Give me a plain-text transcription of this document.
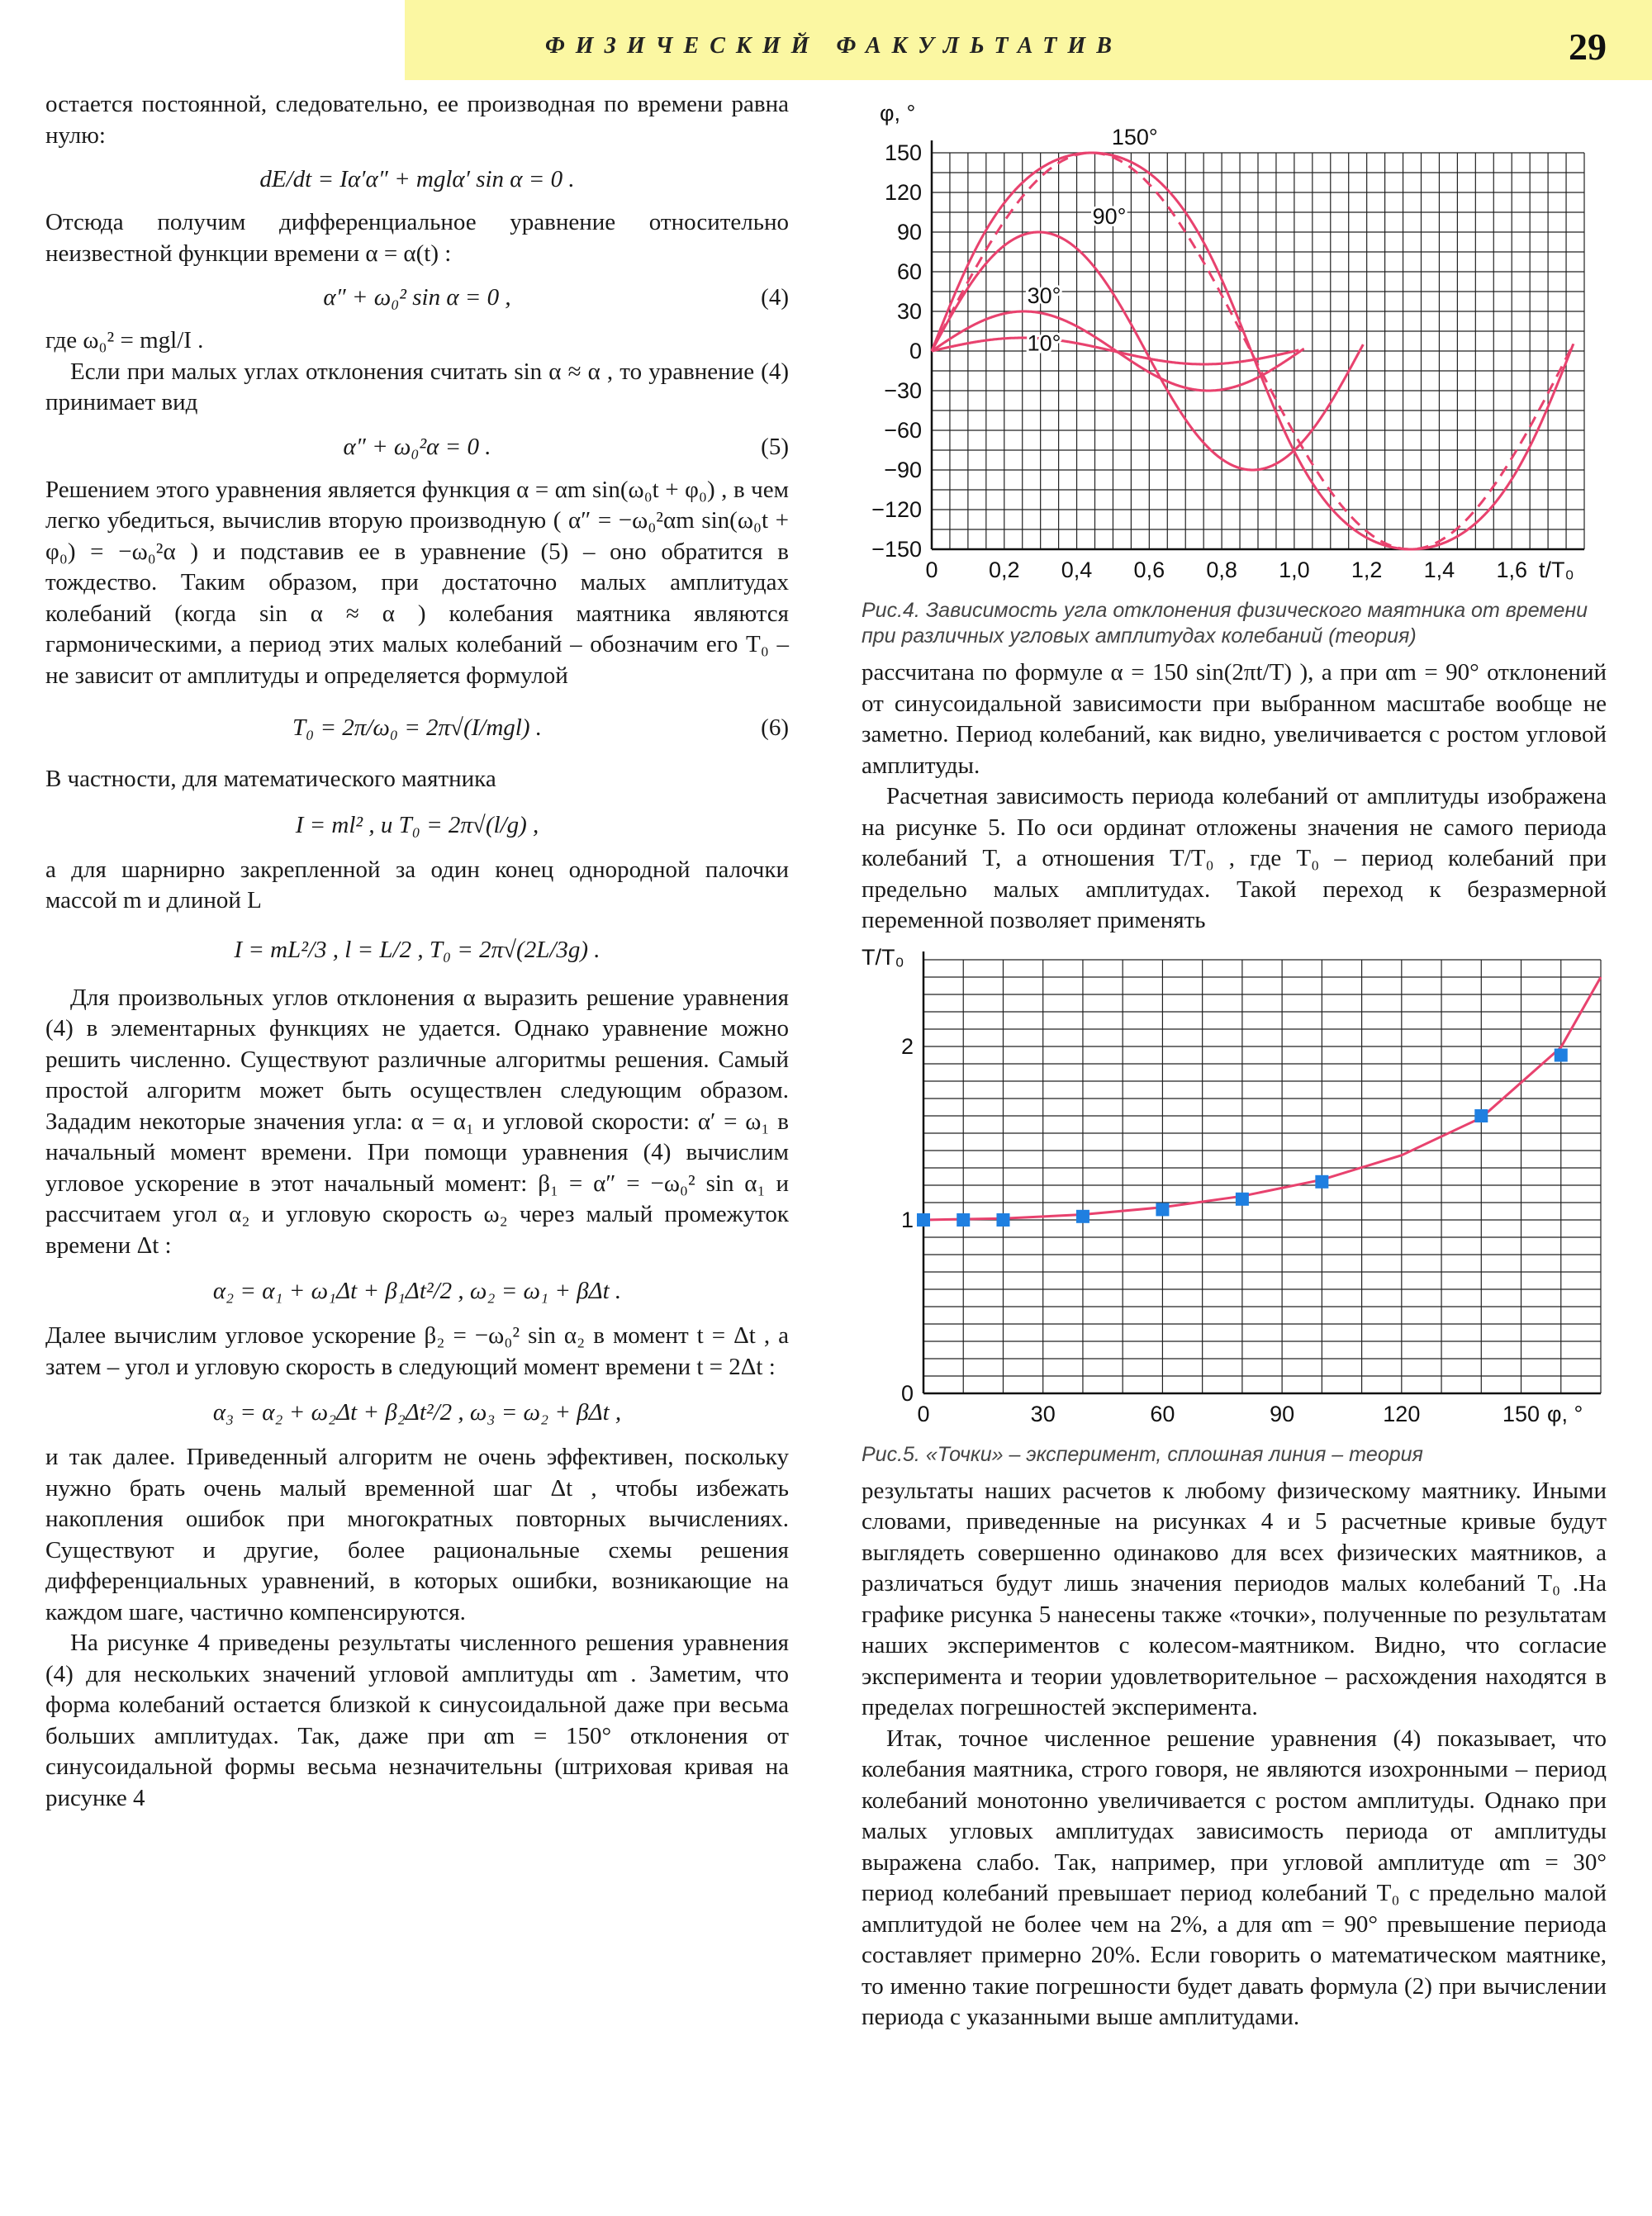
ФИЗИЧЕСКИЙ ФАКУЛЬТАТИВ	29

остается постоянной, следовательно, ее производная по времени равна нулю:

dE/dt = Iα′α″ + mglα′ sin α = 0 .

Отсюда получим дифференциальное уравнение относительно неизвестной функции времени α = α(t) :

α″ + ω₀² sin α = 0 ,	(4)

где ω₀² = mgl/I .

Если при малых углах отклонения считать sin α ≈ α , то уравнение (4) принимает вид

α″ + ω₀²α = 0 .	(5)

Решением этого уравнения является функция α = αm sin(ω₀t + φ₀) , в чем легко убедиться, вычислив вторую производную ( α″ = −ω₀²αm sin(ω₀t + φ₀) = −ω₀²α ) и подставив ее в уравнение (5) – оно обратится в тождество. Таким образом, при достаточно малых амплитудах колебаний (когда sin α ≈ α ) колебания маятника являются гармоническими, а период этих малых колебаний – обозначим его T₀ – не зависит от амплитуды и определяется формулой

T₀ = 2π/ω₀ = 2π√(I/mgl) .	(6)

В частности, для математического маятника

I = ml² , и T₀ = 2π√(l/g) ,

а для шарнирно закрепленной за один конец однородной палочки массой m и длиной L

I = mL²/3 , l = L/2 , T₀ = 2π√(2L/3g) .

Для произвольных углов отклонения α выразить решение уравнения (4) в элементарных функциях не удается. Однако уравнение можно решить численно. Существуют различные алгоритмы решения. Самый простой алгоритм может быть осуществлен следующим образом. Зададим некоторые значения угла: α = α₁ и угловой скорости: α′ = ω₁ в начальный момент времени. При помощи уравнения (4) вычислим угловое ускорение в этот начальный момент: β₁ = α″ = −ω₀² sin α₁ и рассчитаем угол α₂ и угловую скорость ω₂ через малый промежуток времени Δt :

α₂ = α₁ + ω₁Δt + β₁Δt²/2 , ω₂ = ω₁ + βΔt .

Далее вычислим угловое ускорение β₂ = −ω₀² sin α₂ в момент t = Δt , а затем – угол и угловую скорость в следующий момент времени t = 2Δt :

α₃ = α₂ + ω₂Δt + β₂Δt²/2 , ω₃ = ω₂ + βΔt ,

и так далее. Приведенный алгоритм не очень эффективен, поскольку нужно брать очень малый временной шаг Δt , чтобы избежать накопления ошибок при многократных повторных вычислениях. Существуют и другие, более рациональные схемы решения дифференциальных уравнений, в которых ошибки, возникающие на каждом шаге, частично компенсируются.

На рисунке 4 приведены результаты численного решения уравнения (4) для нескольких значений угловой амплитуды αm . Заметим, что форма колебаний остается близкой к синусоидальной даже при весьма больших амплитудах. Так, даже при αm = 150° отклонения от синусоидальной формы весьма незначительны (штриховая кривая на рисунке 4

150
120
90
60
30
0
−30
−60
−90
−120
−150
0 0,2 0,4 0,6 0,8 1,0 1,2 1,4 1,6
φ, °
t/T₀
10°
30°
90°
150°
Рис.4. Зависимость угла отклонения физического маятника от времени при различных угловых амплитудах колебаний (теория)

рассчитана по формуле α = 150 sin(2πt/T) ), а при αm = 90° отклонений от синусоидальной зависимости при выбранном масштабе вообще не заметно. Период колебаний, как видно, увеличивается с ростом угловой амплитуды.

Расчетная зависимость периода колебаний от амплитуды изображена на рисунке 5. По оси ординат отложены значения не самого периода колебаний T, а отношения T/T₀ , где T₀ – период колебаний при предельно малых амплитудах. Такой переход к безразмерной переменной позволяет применять

0
1
2
0	30	60	90	120	150
T/T₀
φ, °
Рис.5. «Точки» – эксперимент, сплошная линия – теория

результаты наших расчетов к любому физическому маятнику. Иными словами, приведенные на рисунках 4 и 5 расчетные кривые будут выглядеть совершенно одинаково для всех физических маятников, а различаться будут лишь значения периодов малых колебаний T₀ .На графике рисунка 5 нанесены также «точки», полученные по результатам наших экспериментов с колесом-маятником. Видно, что согласие эксперимента и теории удовлетворительное – расхождения находятся в пределах погрешностей эксперимента.

Итак, точное численное решение уравнения (4) показывает, что колебания маятника, строго говоря, не являются изохронными – период колебаний монотонно увеличивается с ростом амплитуды. Однако при малых угловых амплитудах зависимость периода от амплитуды выражена слабо. Так, например, при угловой амплитуде αm = 30° период колебаний превышает период колебаний T₀ с предельно малой амплитудой не более чем на 2%, а для αm = 90° превышение периода составляет примерно 20%. Если говорить о математическом маятнике, то именно такие погрешности будет давать формула (2) при вычислении периода с указанными выше амплитудами.
